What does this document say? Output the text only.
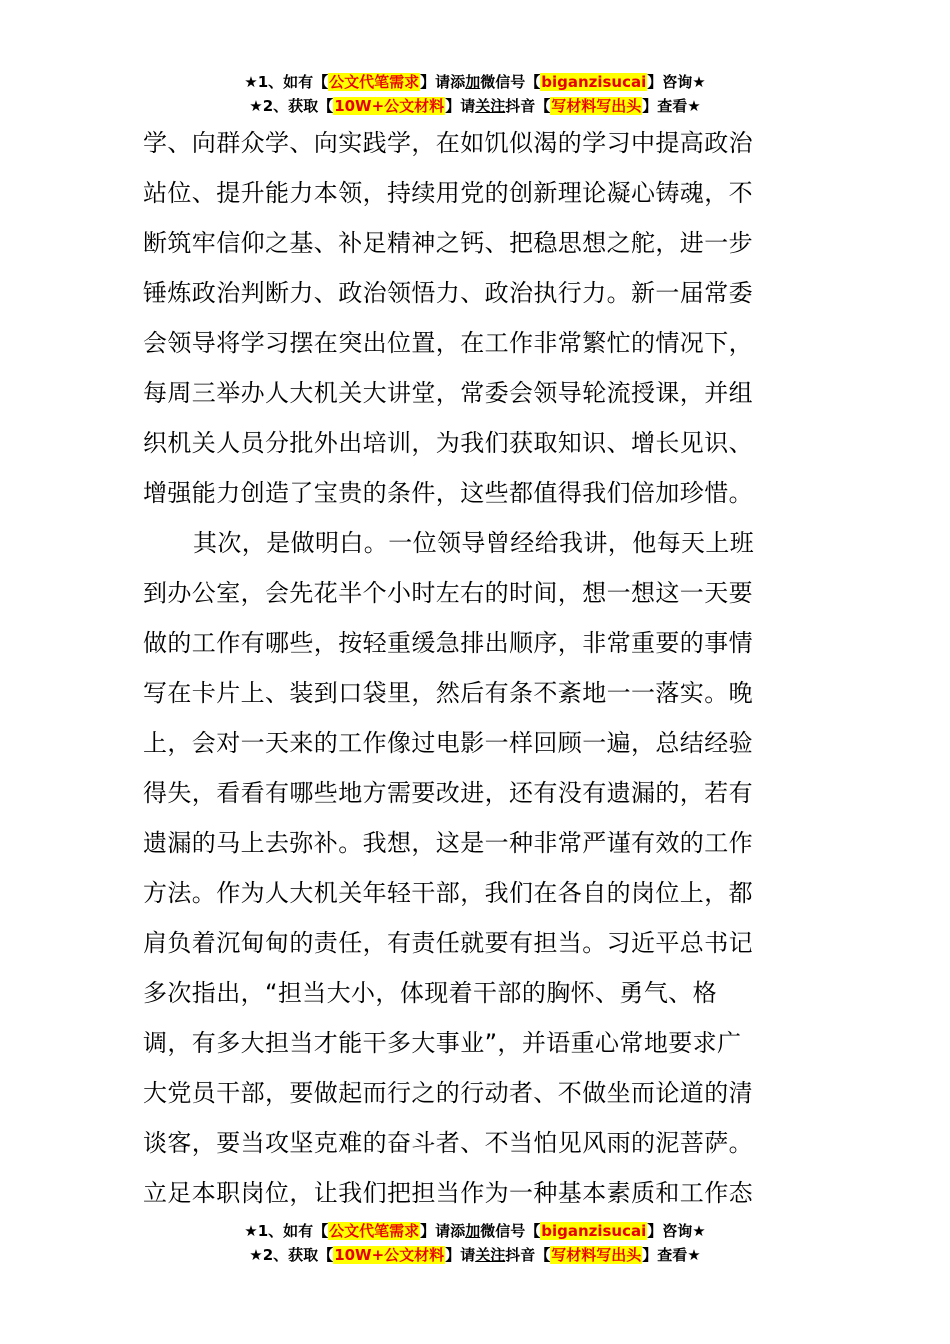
★1、如有【公文代笔需求】请添加微信号【biganzisucai】咨询★
★2、获取【10W+公文材料】请关注抖音【写材料写出头】查看★
学、向群众学、向实践学，在如饥似渴的学习中提高政治
站位、提升能力本领，持续用党的创新理论凝心铸魂，不
断筑牢信仰之基、补足精神之钙、把稳思想之舵，进一步
锤炼政治判断力、政治领悟力、政治执行力。新一届常委
会领导将学习摆在突出位置，在工作非常繁忙的情况下，
每周三举办人大机关大讲堂，常委会领导轮流授课，并组
织机关人员分批外出培训，为我们获取知识、增长见识、
增强能力创造了宝贵的条件，这些都值得我们倍加珍惜。
其次，是做明白。一位领导曾经给我讲，他每天上班
到办公室，会先花半个小时左右的时间，想一想这一天要
做的工作有哪些，按轻重缓急排出顺序，非常重要的事情
写在卡片上、装到口袋里，然后有条不紊地一一落实。晚
上，会对一天来的工作像过电影一样回顾一遍，总结经验
得失，看看有哪些地方需要改进，还有没有遗漏的，若有
遗漏的马上去弥补。我想，这是一种非常严谨有效的工作
方法。作为人大机关年轻干部，我们在各自的岗位上，都
肩负着沉甸甸的责任，有责任就要有担当。习近平总书记
多次指出，“担当大小，体现着干部的胸怀、勇气、格
调，有多大担当才能干多大事业”，并语重心常地要求广
大党员干部，要做起而行之的行动者、不做坐而论道的清
谈客，要当攻坚克难的奋斗者、不当怕见风雨的泥菩萨。
立足本职岗位，让我们把担当作为一种基本素质和工作态
★1、如有【公文代笔需求】请添加微信号【biganzisucai】咨询★
★2、获取【10W+公文材料】请关注抖音【写材料写出头】查看★
